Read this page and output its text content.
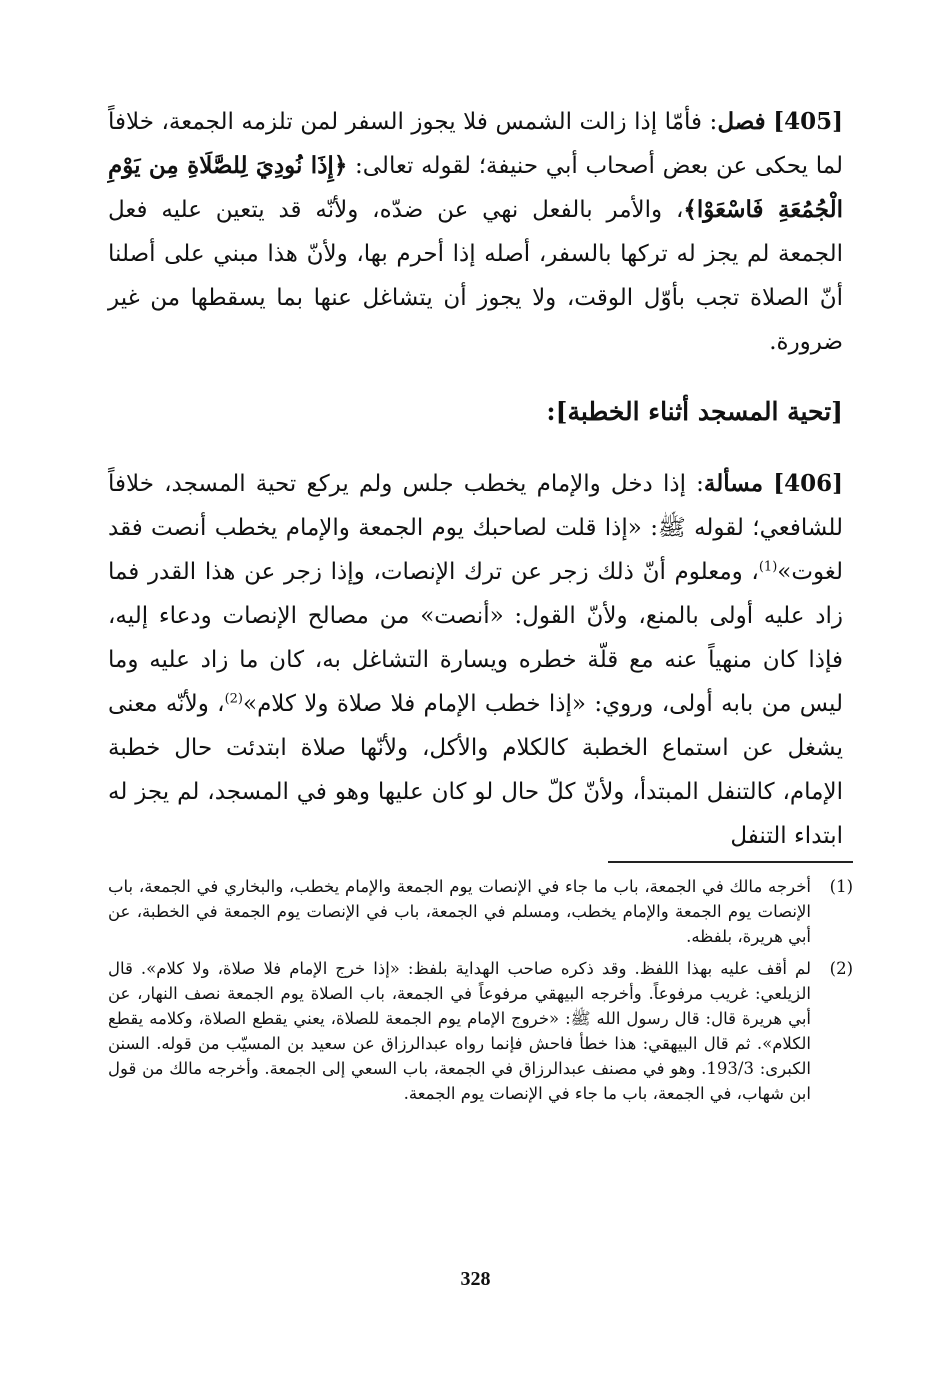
[405] فصل: فأمّا إذا زالت الشمس فلا يجوز السفر لمن تلزمه الجمعة، خلافاً لما يحكى عن بعض أصحاب أبي حنيفة؛ لقوله تعالى: ﴿إِذَا نُودِيَ لِلصَّلَاةِ مِن يَوْمِ الْجُمُعَةِ فَاسْعَوْا﴾، والأمر بالفعل نهي عن ضدّه، ولأنّه قد يتعين عليه فعل الجمعة لم يجز له تركها بالسفر، أصله إذا أحرم بها، ولأنّ هذا مبني على أصلنا أنّ الصلاة تجب بأوّل الوقت، ولا يجوز أن يتشاغل عنها بما يسقطها من غير ضرورة.
[تحية المسجد أثناء الخطبة]:
[406] مسألة: إذا دخل والإمام يخطب جلس ولم يركع تحية المسجد، خلافاً للشافعي؛ لقوله ﷺ: «إذا قلت لصاحبك يوم الجمعة والإمام يخطب أنصت فقد لغوت»$^{(1)}$، ومعلوم أنّ ذلك زجر عن ترك الإنصات، وإذا زجر عن هذا القدر فما زاد عليه أولى بالمنع، ولأنّ القول: «أنصت» من مصالح الإنصات ودعاء إليه، فإذا كان منهياً عنه مع قلّة خطره ويسارة التشاغل به، كان ما زاد عليه وما ليس من بابه أولى، وروي: «إذا خطب الإمام فلا صلاة ولا كلام»$^{(2)}$، ولأنّه معنى يشغل عن استماع الخطبة كالكلام والأكل، ولأنّها صلاة ابتدئت حال خطبة الإمام، كالتنفل المبتدأ، ولأنّ كلّ حال لو كان عليها وهو في المسجد، لم يجز له ابتداء التنفل
(1)
أخرجه مالك في الجمعة، باب ما جاء في الإنصات يوم الجمعة والإمام يخطب، والبخاري في الجمعة، باب الإنصات يوم الجمعة والإمام يخطب، ومسلم في الجمعة، باب في الإنصات يوم الجمعة في الخطبة، عن أبي هريرة، بلفظه.
(2)
لم أقف عليه بهذا اللفظ. وقد ذكره صاحب الهداية بلفظ: «إذا خرج الإمام فلا صلاة، ولا كلام». قال الزيلعي: غريب مرفوعاً. وأخرجه البيهقي مرفوعاً في الجمعة، باب الصلاة يوم الجمعة نصف النهار، عن أبي هريرة قال: قال رسول الله ﷺ: «خروج الإمام يوم الجمعة للصلاة، يعني يقطع الصلاة، وكلامه يقطع الكلام». ثم قال البيهقي: هذا خطأ فاحش فإنما رواه عبدالرزاق عن سعيد بن المسيّب من قوله. السنن الكبرى: 193/3. وهو في مصنف عبدالرزاق في الجمعة، باب السعي إلى الجمعة. وأخرجه مالك من قول ابن شهاب، في الجمعة، باب ما جاء في الإنصات يوم الجمعة.
328
